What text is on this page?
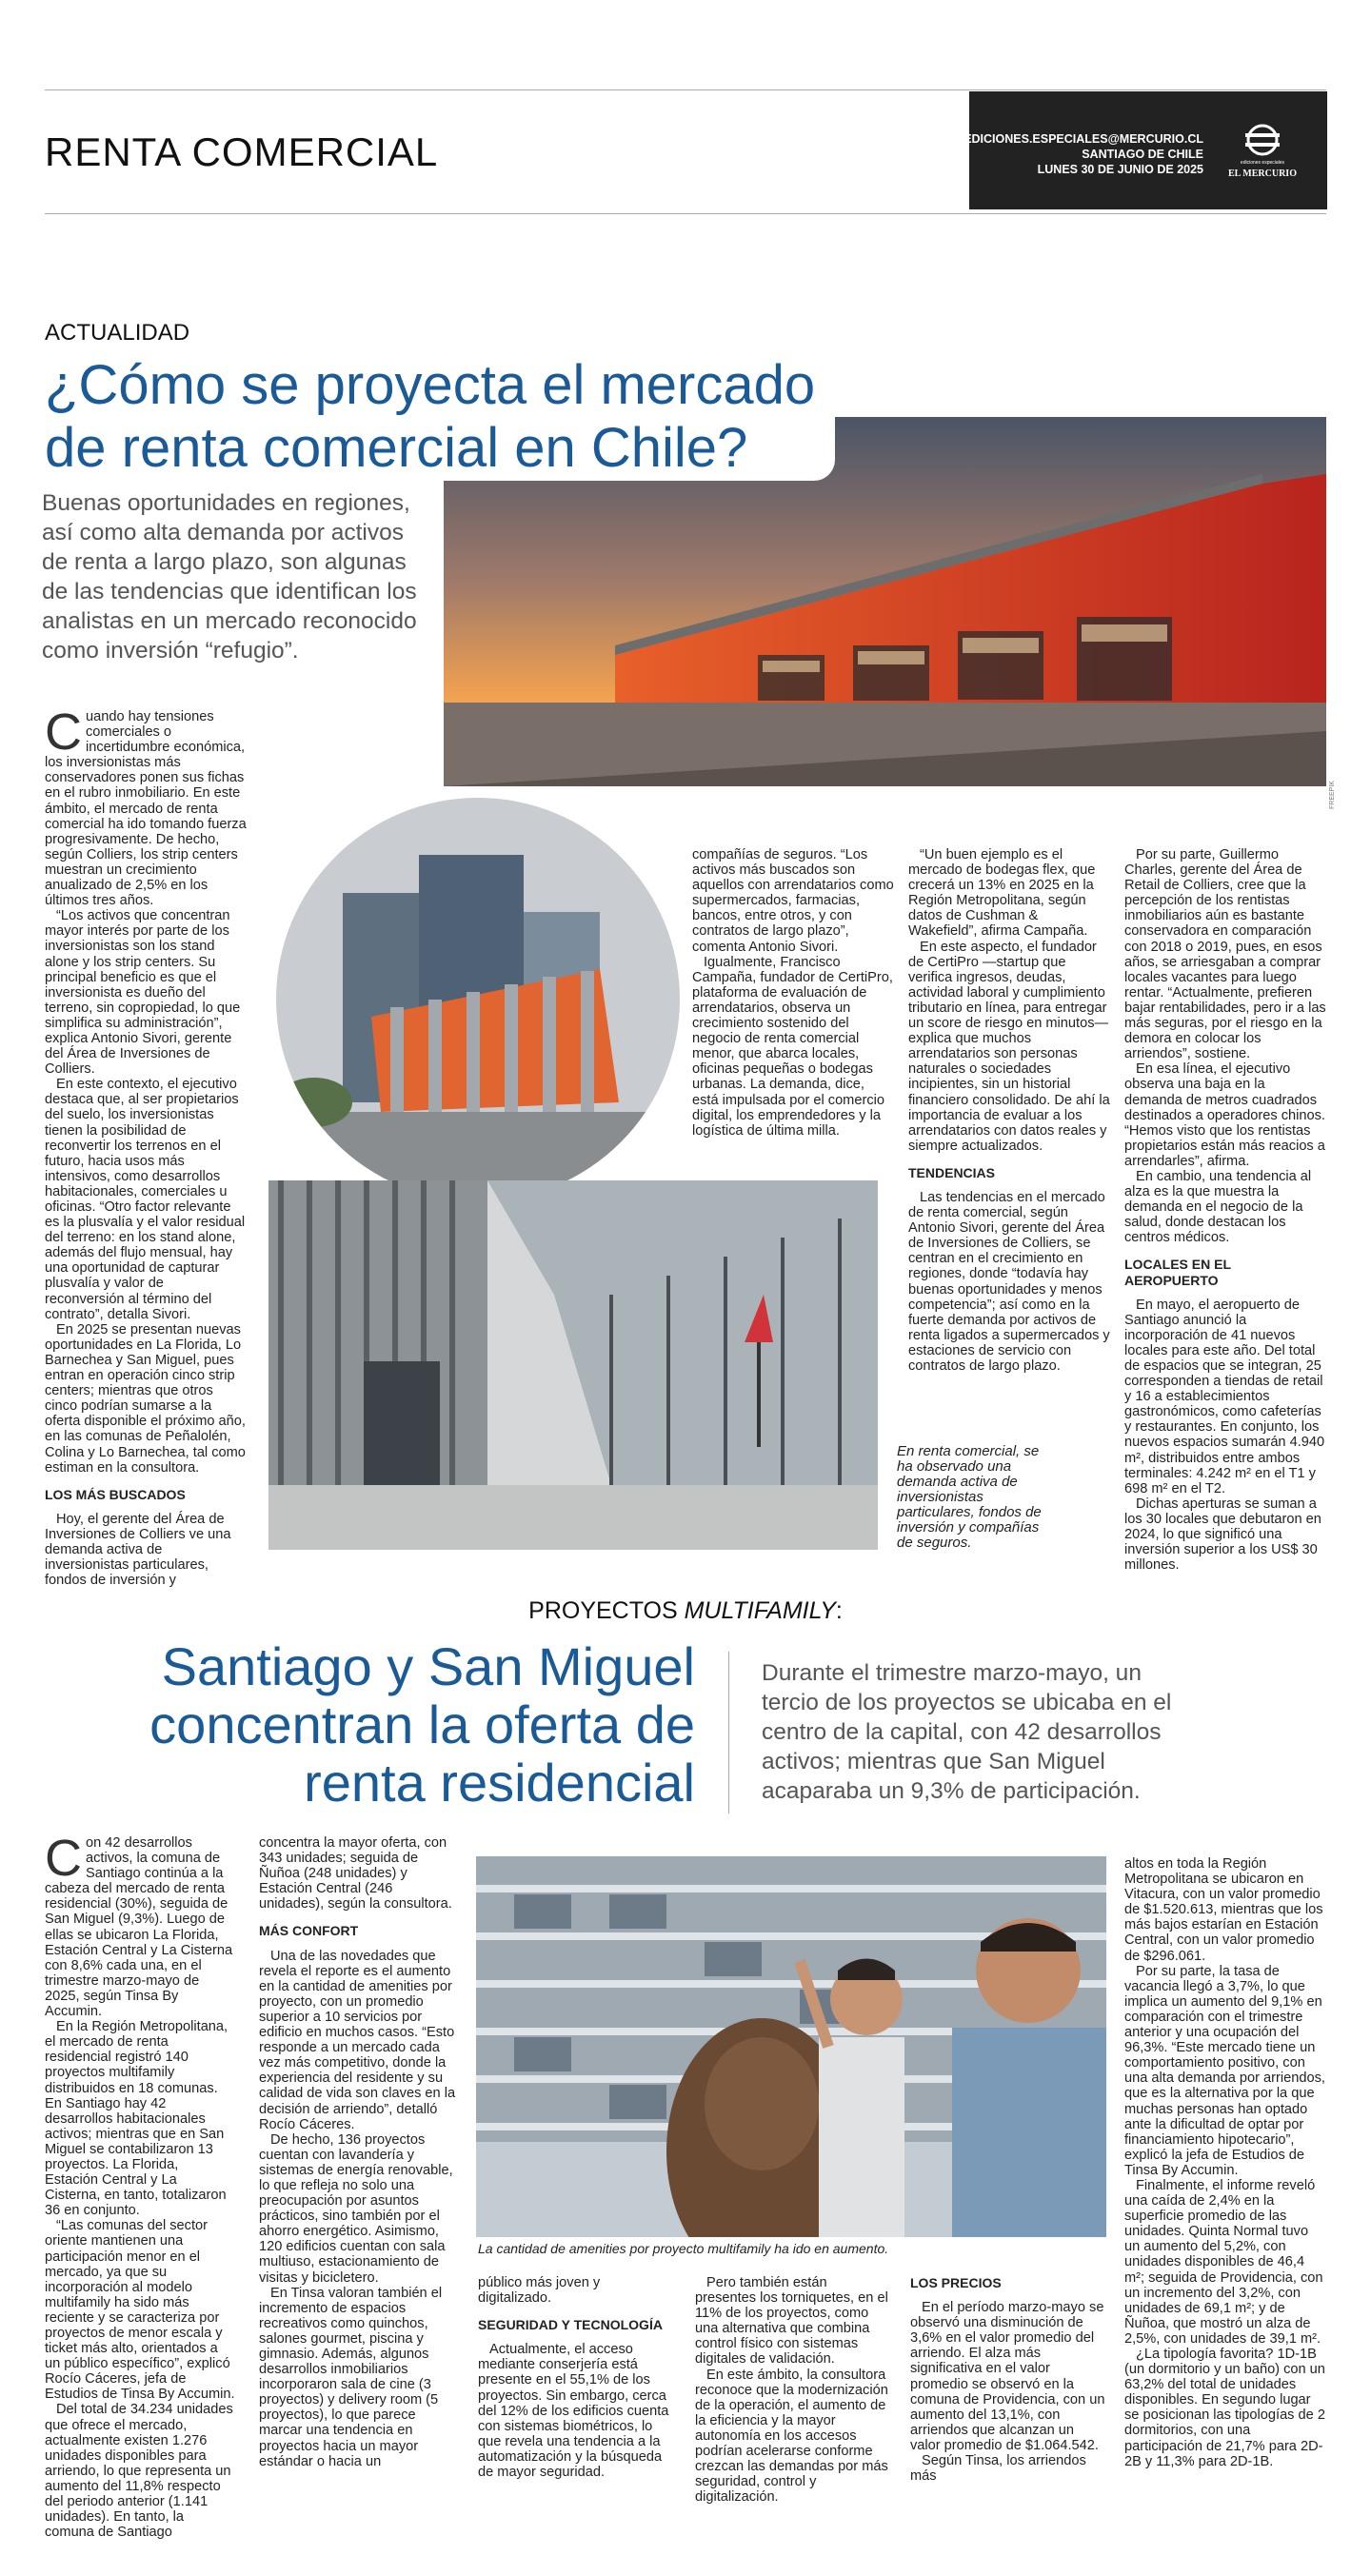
RENTA COMERCIAL	EDICIONES.ESPECIALES@MERCURIO.CL
SANTIAGO DE CHILE
LUNES 30 DE JUNIO DE 2025	ediciones especiales
EL MERCURIO
ACTUALIDAD
FREEPIK
¿Cómo se proyecta el mercado
de renta comercial en Chile?
Buenas oportunidades en regiones, así como alta demanda por activos de renta a largo plazo, son algunas de las tendencias que identifican los analistas en un mercado reconocido como inversión “refugio”.

Cuando hay tensiones comerciales o incertidumbre económica, los inversionistas más conservadores ponen sus fichas en el rubro inmobiliario. En este ámbito, el mercado de renta comercial ha ido tomando fuerza progresivamente. De hecho, según Colliers, los strip centers muestran un crecimiento anualizado de 2,5% en los últimos tres años.

“Los activos que concentran mayor interés por parte de los inversionistas son los stand alone y los strip centers. Su principal beneficio es que el inversionista es dueño del terreno, sin copropiedad, lo que simplifica su administración”, explica Antonio Sivori, gerente del Área de Inversiones de Colliers.

En este contexto, el ejecutivo destaca que, al ser propietarios del suelo, los inversionistas tienen la posibilidad de reconvertir los terrenos en el futuro, hacia usos más intensivos, como desarrollos habitacionales, comerciales u oficinas. “Otro factor relevante es la plusvalía y el valor residual del terreno: en los stand alone, además del flujo mensual, hay una oportunidad de capturar plusvalía y valor de reconversión al término del contrato”, detalla Sivori.

En 2025 se presentan nuevas oportunidades en La Florida, Lo Barnechea y San Miguel, pues entran en operación cinco strip centers; mientras que otros cinco podrían sumarse a la oferta disponible el próximo año, en las comunas de Peñalolén, Colina y Lo Barnechea, tal como estiman en la consultora.

LOS MÁS BUSCADOS

Hoy, el gerente del Área de Inversiones de Colliers ve una demanda activa de inversionistas particulares, fondos de inversión y

compañías de seguros. “Los activos más buscados son aquellos con arrendatarios como supermercados, farmacias, bancos, entre otros, y con contratos de largo plazo”, comenta Antonio Sivori.

Igualmente, Francisco Campaña, fundador de CertiPro, plataforma de evaluación de arrendatarios, observa un crecimiento sostenido del negocio de renta comercial menor, que abarca locales, oficinas pequeñas o bodegas urbanas. La demanda, dice, está impulsada por el comercio digital, los emprendedores y la logística de última milla.

“Un buen ejemplo es el mercado de bodegas flex, que crecerá un 13% en 2025 en la Región Metropolitana, según datos de Cushman & Wakefield”, afirma Campaña.

En este aspecto, el fundador de CertiPro —startup que verifica ingresos, deudas, actividad laboral y cumplimiento tributario en línea, para entregar un score de riesgo en minutos— explica que muchos arrendatarios son personas naturales o sociedades incipientes, sin un historial financiero consolidado. De ahí la importancia de evaluar a los arrendatarios con datos reales y siempre actualizados.

TENDENCIAS

Las tendencias en el mercado de renta comercial, según Antonio Sivori, gerente del Área de Inversiones de Colliers, se centran en el crecimiento en regiones, donde “todavía hay buenas oportunidades y menos competencia”; así como en la fuerte demanda por activos de renta ligados a supermercados y estaciones de servicio con contratos de largo plazo.

En renta comercial, se ha observado una demanda activa de inversionistas particulares, fondos de inversión y compañías de seguros.

Por su parte, Guillermo Charles, gerente del Área de Retail de Colliers, cree que la percepción de los rentistas inmobiliarios aún es bastante conservadora en comparación con 2018 o 2019, pues, en esos años, se arriesgaban a comprar locales vacantes para luego rentar. “Actualmente, prefieren bajar rentabilidades, pero ir a las más seguras, por el riesgo en la demora en colocar los arriendos”, sostiene.

En esa línea, el ejecutivo observa una baja en la demanda de metros cuadrados destinados a operadores chinos. “Hemos visto que los rentistas propietarios están más reacios a arrendarles”, afirma.

En cambio, una tendencia al alza es la que muestra la demanda en el negocio de la salud, donde destacan los centros médicos.

LOCALES EN EL AEROPUERTO

En mayo, el aeropuerto de Santiago anunció la incorporación de 41 nuevos locales para este año. Del total de espacios que se integran, 25 corresponden a tiendas de retail y 16 a establecimientos gastronómicos, como cafeterías y restaurantes. En conjunto, los nuevos espacios sumarán 4.940 m², distribuidos entre ambos terminales: 4.242 m² en el T1 y 698 m² en el T2.

Dichas aperturas se suman a los 30 locales que debutaron en 2024, lo que significó una inversión superior a los US$ 30 millones.

PROYECTOS MULTIFAMILY:
Santiago y San Miguel
concentran la oferta de
renta residencial
Durante el trimestre marzo-mayo, un tercio de los proyectos se ubicaba en el centro de la capital, con 42 desarrollos activos; mientras que San Miguel acaparaba un 9,3% de participación.
La cantidad de amenities por proyecto multifamily ha ido en aumento.

Con 42 desarrollos activos, la comuna de Santiago continúa a la cabeza del mercado de renta residencial (30%), seguida de San Miguel (9,3%). Luego de ellas se ubicaron La Florida, Estación Central y La Cisterna con 8,6% cada una, en el trimestre marzo-mayo de 2025, según Tinsa By Accumin.

En la Región Metropolitana, el mercado de renta residencial registró 140 proyectos multifamily distribuidos en 18 comunas. En Santiago hay 42 desarrollos habitacionales activos; mientras que en San Miguel se contabilizaron 13 proyectos. La Florida, Estación Central y La Cisterna, en tanto, totalizaron 36 en conjunto.

“Las comunas del sector oriente mantienen una participación menor en el mercado, ya que su incorporación al modelo multifamily ha sido más reciente y se caracteriza por proyectos de menor escala y ticket más alto, orientados a un público específico”, explicó Rocío Cáceres, jefa de Estudios de Tinsa By Accumin.

Del total de 34.234 unidades que ofrece el mercado, actualmente existen 1.276 unidades disponibles para arriendo, lo que representa un aumento del 11,8% respecto del periodo anterior (1.141 unidades). En tanto, la comuna de Santiago

concentra la mayor oferta, con 343 unidades; seguida de Ñuñoa (248 unidades) y Estación Central (246 unidades), según la consultora.

MÁS CONFORT

Una de las novedades que revela el reporte es el aumento en la cantidad de amenities por proyecto, con un promedio superior a 10 servicios por edificio en muchos casos. “Esto responde a un mercado cada vez más competitivo, donde la experiencia del residente y su calidad de vida son claves en la decisión de arriendo”, detalló Rocío Cáceres.

De hecho, 136 proyectos cuentan con lavandería y sistemas de energía renovable, lo que refleja no solo una preocupación por asuntos prácticos, sino también por el ahorro energético. Asimismo, 120 edificios cuentan con sala multiuso, estacionamiento de visitas y bicicletero.

En Tinsa valoran también el incremento de espacios recreativos como quinchos, salones gourmet, piscina y gimnasio. Además, algunos desarrollos inmobiliarios incorporaron sala de cine (3 proyectos) y delivery room (5 proyectos), lo que parece marcar una tendencia en proyectos hacia un mayor estándar o hacia un

público más joven y digitalizado.

SEGURIDAD Y TECNOLOGÍA

Actualmente, el acceso mediante conserjería está presente en el 55,1% de los proyectos. Sin embargo, cerca del 12% de los edificios cuenta con sistemas biométricos, lo que revela una tendencia a la automatización y la búsqueda de mayor seguridad.

Pero también están presentes los torniquetes, en el 11% de los proyectos, como una alternativa que combina control físico con sistemas digitales de validación.

En este ámbito, la consultora reconoce que la modernización de la operación, el aumento de la eficiencia y la mayor autonomía en los accesos podrían acelerarse conforme crezcan las demandas por más seguridad, control y digitalización.

LOS PRECIOS

En el período marzo-mayo se observó una disminución de 3,6% en el valor promedio del arriendo. El alza más significativa en el valor promedio se observó en la comuna de Providencia, con un aumento del 13,1%, con arriendos que alcanzan un valor promedio de $1.064.542.

Según Tinsa, los arriendos más

altos en toda la Región Metropolitana se ubicaron en Vitacura, con un valor promedio de $1.520.613, mientras que los más bajos estarían en Estación Central, con un valor promedio de $296.061.

Por su parte, la tasa de vacancia llegó a 3,7%, lo que implica un aumento del 9,1% en comparación con el trimestre anterior y una ocupación del 96,3%. “Este mercado tiene un comportamiento positivo, con una alta demanda por arriendos, que es la alternativa por la que muchas personas han optado ante la dificultad de optar por financiamiento hipotecario”, explicó la jefa de Estudios de Tinsa By Accumin.

Finalmente, el informe reveló una caída de 2,4% en la superficie promedio de las unidades. Quinta Normal tuvo un aumento del 5,2%, con unidades disponibles de 46,4 m²; seguida de Providencia, con un incremento del 3,2%, con unidades de 69,1 m²; y de Ñuñoa, que mostró un alza de 2,5%, con unidades de 39,1 m².

¿La tipología favorita? 1D-1B (un dormitorio y un baño) con un 63,2% del total de unidades disponibles. En segundo lugar se posicionan las tipologías de 2 dormitorios, con una participación de 21,7% para 2D-2B y 11,3% para 2D-1B.
